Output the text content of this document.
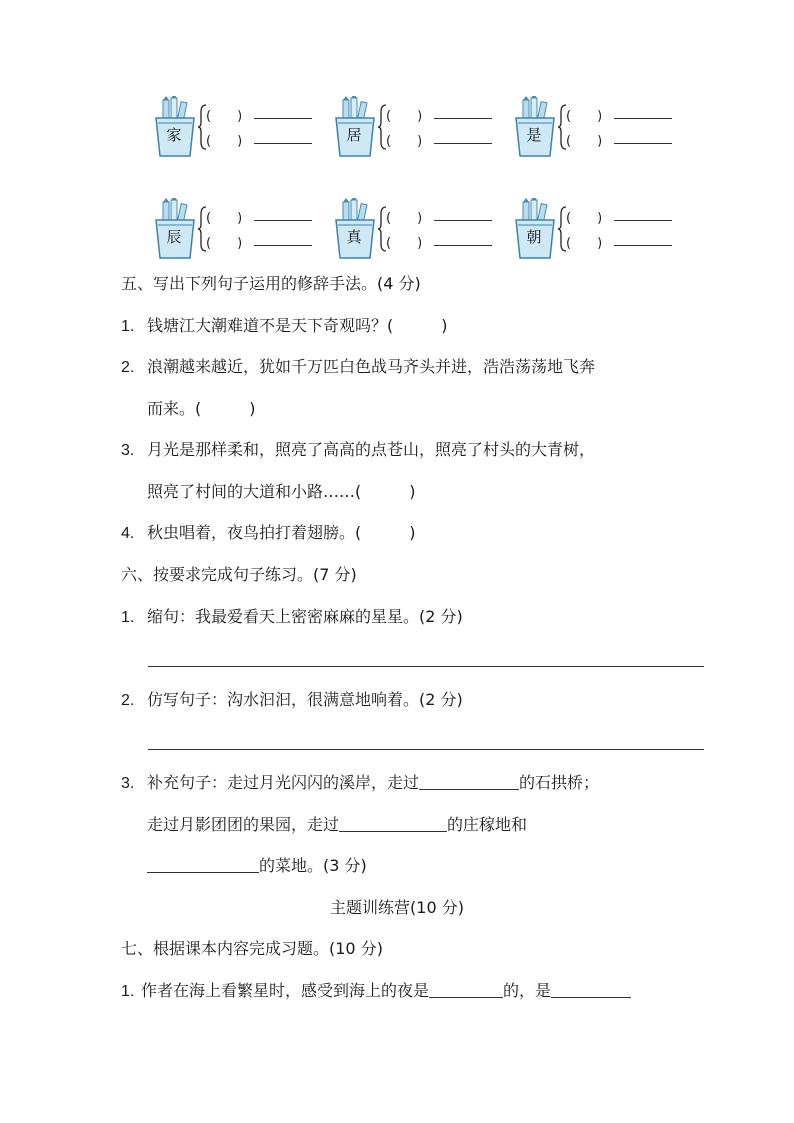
家
(　　)
(　　)	居
(　　)
(　　)	是
(　　)
(　　)
辰
(　　)
(　　)	真
(　　)
(　　)	朝
(　　)
(　　)
五、写出下列句子运用的修辞手法。(4 分)
1. 钱塘江大潮难道不是天下奇观吗？(　　　)
2. 浪潮越来越近，犹如千万匹白色战马齐头并进，浩浩荡荡地飞奔
而来。(　　　)
3. 月光是那样柔和，照亮了高高的点苍山，照亮了村头的大青树，
照亮了村间的大道和小路……(　　　)
4. 秋虫唱着，夜鸟拍打着翅膀。(　　　)
六、按要求完成句子练习。(7 分)
1. 缩句：我最爱看天上密密麻麻的星星。(2 分)
2. 仿写句子：沟水汩汩，很满意地响着。(2 分)
3. 补充句子：走过月光闪闪的溪岸，走过	的石拱桥；
走过月影团团的果园，走过	的庄稼地和
的菜地。(3 分)
主题训练营(10 分)
七、根据课本内容完成习题。(10 分)
1. 作者在海上看繁星时，感受到海上的夜是	的，是
